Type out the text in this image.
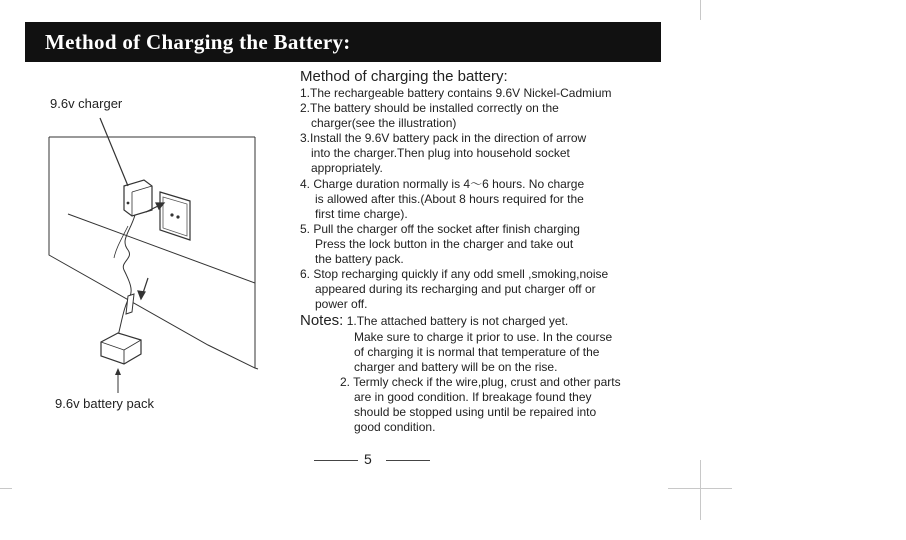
Method of Charging the Battery:
9.6v charger
9.6v battery pack
Method of charging the battery:
1.The rechargeable battery contains 9.6V Nickel-Cadmium
2.The battery should be installed correctly on the
charger(see the illustration)
3.Install the 9.6V battery pack in the direction of arrow
into the charger.Then plug into household socket
appropriately.
4. Charge duration normally is 4～6 hours. No charge
is allowed after this.(About 8 hours required for the
first time charge).
5. Pull the charger off the socket after finish charging
Press the lock button in the charger and take out
the battery pack.
6. Stop recharging quickly if any odd smell ,smoking,noise
appeared during its recharging and put charger off or
power off.
Notes: 1.The attached battery is not charged yet.
Make sure to charge it prior to use. In the course
of charging it is normal that temperature of the
charger and battery will be on the rise.
2. Termly check if the wire,plug, crust and other parts
are in good condition. If breakage found they
should be stopped using until be repaired into
good condition.
5
